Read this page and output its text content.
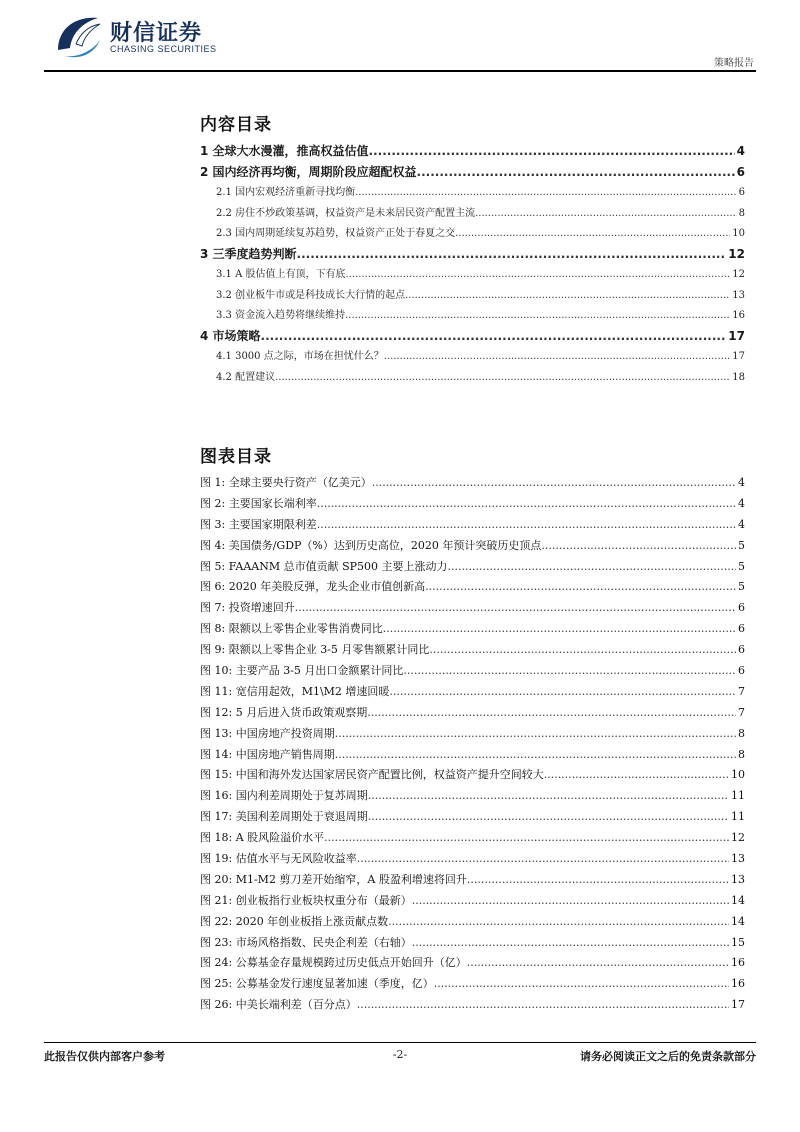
财信证券
CHASING SECURITIES
策略报告
内容目录
1 全球大水漫灌，推高权益估值 .....	4
2 国内经济再均衡，周期阶段应超配权益 .....	6
2.1 国内宏观经济重新寻找均衡 .....	6
2.2 房住不炒政策基调，权益资产是未来居民资产配置主流 .....	8
2.3 国内周期延续复苏趋势，权益资产正处于春夏之交 .....	10
3 三季度趋势判断 .....	12
3.1 A 股估值上有顶，下有底 .....	12
3.2 创业板牛市或是科技成长大行情的起点 .....	13
3.3 资金流入趋势将继续维持 .....	16
4 市场策略 .....	17
4.1 3000 点之际，市场在担忧什么？ .....	17
4.2 配置建议 .....	18
图表目录
图 1: 全球主要央行资产（亿美元） .....	4
图 2: 主要国家长端利率 .....	4
图 3: 主要国家期限利差 .....	4
图 4: 美国债务/GDP（%）达到历史高位，2020 年预计突破历史顶点 .....	5
图 5: FAAANM 总市值贡献 SP500 主要上涨动力 .....	5
图 6: 2020 年美股反弹，龙头企业市值创新高 .....	5
图 7: 投资增速回升 .....	6
图 8: 限额以上零售企业零售消费同比 .....	6
图 9: 限额以上零售企业 3-5 月零售额累计同比 .....	6
图 10: 主要产品 3-5 月出口金额累计同比 .....	6
图 11: 宽信用起效，M1\M2 增速回暖 .....	7
图 12: 5 月后进入货币政策观察期 .....	7
图 13: 中国房地产投资周期 .....	8
图 14: 中国房地产销售周期 .....	8
图 15: 中国和海外发达国家居民资产配置比例，权益资产提升空间较大 .....	10
图 16: 国内利差周期处于复苏周期 .....	11
图 17: 美国利差周期处于衰退周期 .....	11
图 18: A 股风险溢价水平 .....	12
图 19: 估值水平与无风险收益率 .....	13
图 20: M1-M2 剪刀差开始缩窄，A 股盈利增速将回升 .....	13
图 21: 创业板指行业板块权重分布（最新） .....	14
图 22: 2020 年创业板指上涨贡献点数 .....	14
图 23: 市场风格指数、民央企利差（右轴） .....	15
图 24: 公募基金存量规模跨过历史低点开始回升（亿） .....	16
图 25: 公募基金发行速度显著加速（季度，亿） .....	16
图 26: 中美长端利差（百分点） .....	17
此报告仅供内部客户参考	-2-	请务必阅读正文之后的免责条款部分
